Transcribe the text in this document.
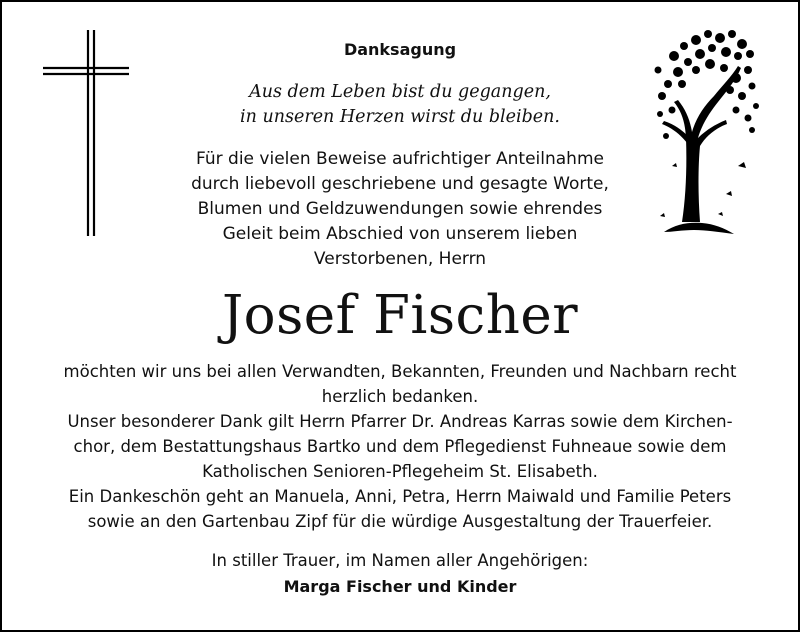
Danksagung
Aus dem Leben bist du gegangen,
in unseren Herzen wirst du bleiben.
Für die vielen Beweise aufrichtiger Anteilnahme
durch liebevoll geschriebene und gesagte Worte,
Blumen und Geldzuwendungen sowie ehrendes
Geleit beim Abschied von unserem lieben
Verstorbenen, Herrn
Josef Fischer
möchten wir uns bei allen Verwandten, Bekannten, Freunden und Nachbarn recht
herzlich bedanken.
Unser besonderer Dank gilt Herrn Pfarrer Dr. Andreas Karras sowie dem Kirchen-
chor, dem Bestattungshaus Bartko und dem Pflegedienst Fuhneaue sowie dem
Katholischen Senioren-Pflegeheim St. Elisabeth.
Ein Dankeschön geht an Manuela, Anni, Petra, Herrn Maiwald und Familie Peters
sowie an den Gartenbau Zipf für die würdige Ausgestaltung der Trauerfeier.
In stiller Trauer, im Namen aller Angehörigen:
Marga Fischer und Kinder
